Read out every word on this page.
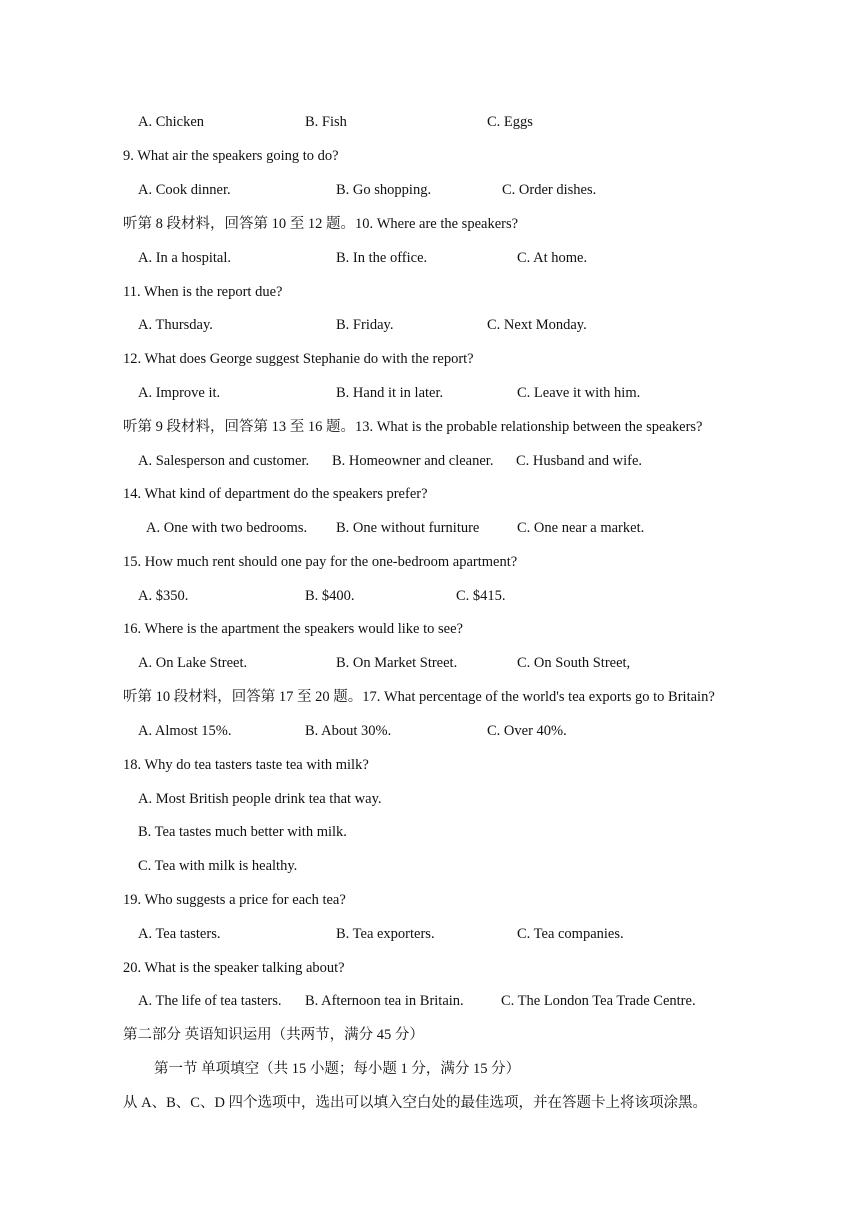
A. Chicken	B. Fish	C. Eggs
9. What air the speakers going to do?
A. Cook dinner.	B. Go shopping.	C. Order dishes.
听第 8 段材料，回答第 10 至 12 题。10. Where are the speakers?
A. In a hospital.	B. In the office.	C. At home.
11. When is the report due?
A. Thursday.	B. Friday.	C. Next Monday.
12. What does George suggest Stephanie do with the report?
A. Improve it.	B. Hand it in later.	C. Leave it with him.
听第 9 段材料，回答第 13 至 16 题。13. What is the probable relationship between the speakers?
A. Salesperson and customer. B. Homeowner and cleaner. C. Husband and wife.
14. What kind of department do the speakers prefer?
A. One with two bedrooms. B. One without furniture	C. One near a market.
15. How much rent should one pay for the one-bedroom apartment?
A. $350.	B. $400.	C. $415.
16. Where is the apartment the speakers would like to see?
A. On Lake Street.	B. On Market Street.	C. On South Street,
听第 10 段材料，回答第 17 至 20 题。17. What percentage of the world's tea exports go to Britain?
A. Almost 15%.	B. About 30%.	C. Over 40%.
18. Why do tea tasters taste tea with milk?
A. Most British people drink tea that way.
B. Tea tastes much better with milk.
C. Tea with milk is healthy.
19. Who suggests a price for each tea?
A. Tea tasters.	B. Tea exporters.	C. Tea companies.
20. What is the speaker talking about?
A. The life of tea tasters. B. Afternoon tea in Britain.	C. The London Tea Trade Centre.
第二部分 英语知识运用（共两节，满分 45 分）
第一节 单项填空（共 15 小题；每小题 1 分，满分 15 分）
从 A、B、C、D 四个选项中，选出可以填入空白处的最佳选项，并在答题卡上将该项涂黑。
